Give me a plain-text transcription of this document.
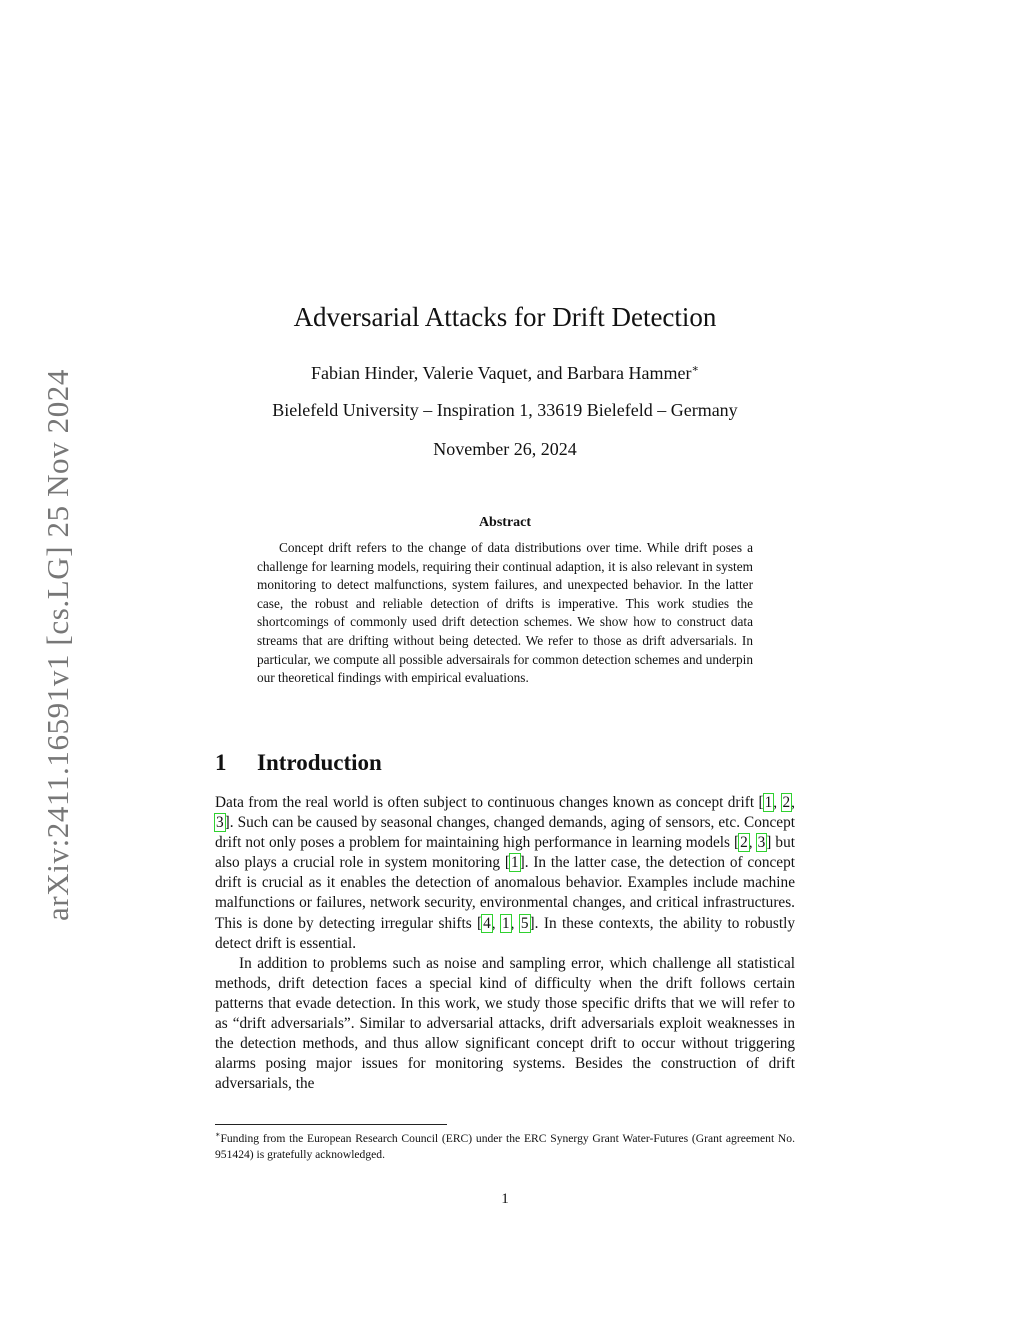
arXiv:2411.16591v1 [cs.LG] 25 Nov 2024
Adversarial Attacks for Drift Detection
Fabian Hinder, Valerie Vaquet, and Barbara Hammer∗
Bielefeld University – Inspiration 1, 33619 Bielefeld – Germany
November 26, 2024
Abstract
Concept drift refers to the change of data distributions over time. While drift poses a challenge for learning models, requiring their continual adaption, it is also relevant in system monitoring to detect malfunctions, system failures, and unexpected behavior. In the latter case, the robust and reliable detection of drifts is imperative. This work studies the shortcomings of commonly used drift detection schemes. We show how to construct data streams that are drifting without being detected. We refer to those as drift adversarials. In particular, we compute all possible adversairals for common detection schemes and underpin our theoretical findings with empirical evaluations.
1 Introduction

Data from the real world is often subject to continuous changes known as concept drift [1, 2, 3]. Such can be caused by seasonal changes, changed demands, aging of sensors, etc. Concept drift not only poses a problem for maintaining high performance in learning models [2, 3] but also plays a crucial role in system monitoring [1]. In the latter case, the detection of concept drift is crucial as it enables the detection of anomalous behavior. Examples include machine malfunctions or failures, network security, environmental changes, and critical infrastructures. This is done by detecting irregular shifts [4, 1, 5]. In these contexts, the ability to robustly detect drift is essential.

In addition to problems such as noise and sampling error, which challenge all statistical methods, drift detection faces a special kind of difficulty when the drift follows certain patterns that evade detection. In this work, we study those specific drifts that we will refer to as “drift adversarials”. Similar to adversarial attacks, drift adversarials exploit weaknesses in the detection methods, and thus allow significant concept drift to occur without triggering alarms posing major issues for monitoring systems. Besides the construction of drift adversarials, the

∗Funding from the European Research Council (ERC) under the ERC Synergy Grant Water-Futures (Grant agreement No. 951424) is gratefully acknowledged.
1
